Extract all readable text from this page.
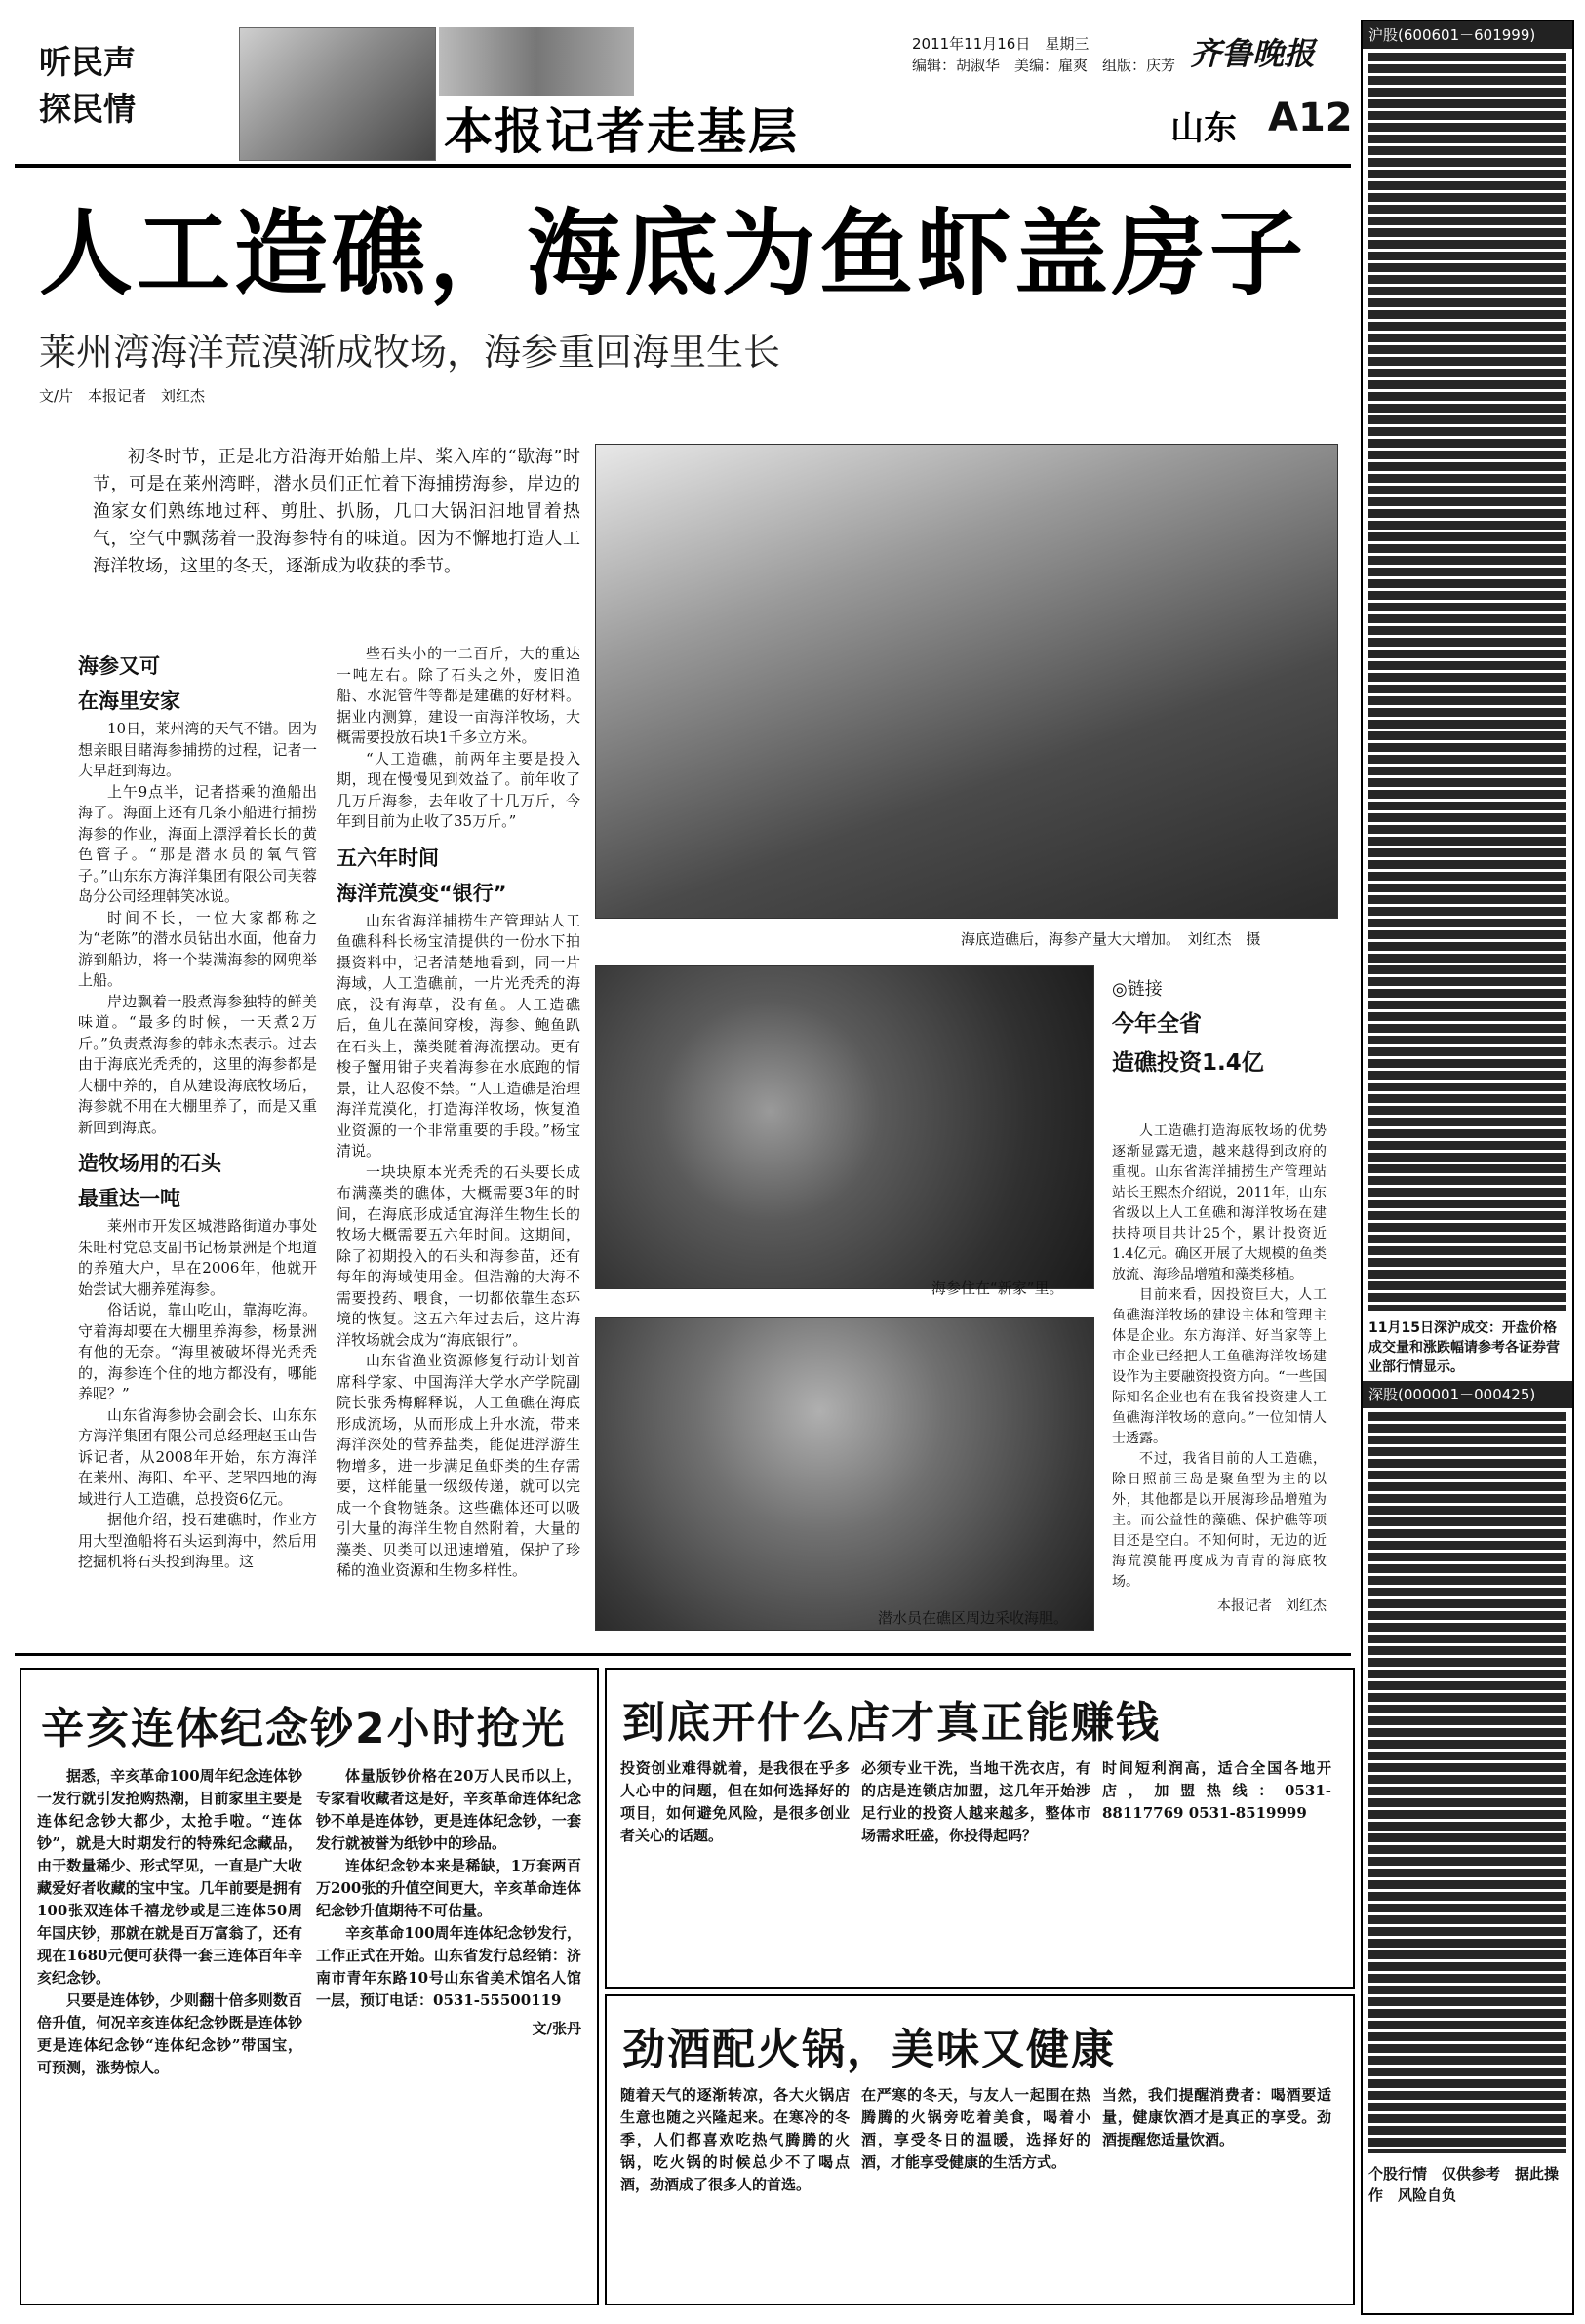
听民声
探民情	本报记者走基层
2011年11月16日　星期三
编辑：胡淑华　美编：雇爽　组版：庆芳 齐鲁晚报
山东 A12
人工造礁，海底为鱼虾盖房子
莱州湾海洋荒漠渐成牧场，海参重回海里生长
文/片　本报记者　刘红杰
初冬时节，正是北方沿海开始船上岸、桨入库的“歇海”时节，可是在莱州湾畔，潜水员们正忙着下海捕捞海参，岸边的渔家女们熟练地过秤、剪肚、扒肠，几口大锅汩汩地冒着热气，空气中飘荡着一股海参特有的味道。因为不懈地打造人工海洋牧场，这里的冬天，逐渐成为收获的季节。
海参又可
在海里安家

10日，莱州湾的天气不错。因为想亲眼目睹海参捕捞的过程，记者一大早赶到海边。

上午9点半，记者搭乘的渔船出海了。海面上还有几条小船进行捕捞海参的作业，海面上漂浮着长长的黄色管子。“那是潜水员的氧气管子。”山东东方海洋集团有限公司芙蓉岛分公司经理韩笑冰说。

时间不长，一位大家都称之为“老陈”的潜水员钻出水面，他奋力游到船边，将一个装满海参的网兜举上船。

岸边飘着一股煮海参独特的鲜美味道。“最多的时候，一天煮2万斤。”负责煮海参的韩永杰表示。过去由于海底光秃秃的，这里的海参都是大棚中养的，自从建设海底牧场后，海参就不用在大棚里养了，而是又重新回到海底。

造牧场用的石头
最重达一吨

莱州市开发区城港路街道办事处朱旺村党总支副书记杨景洲是个地道的养殖大户，早在2006年，他就开始尝试大棚养殖海参。

俗话说，靠山吃山，靠海吃海。守着海却要在大棚里养海参，杨景洲有他的无奈。“海里被破坏得光秃秃的，海参连个住的地方都没有，哪能养呢？”

山东省海参协会副会长、山东东方海洋集团有限公司总经理赵玉山告诉记者，从2008年开始，东方海洋在莱州、海阳、牟平、芝罘四地的海域进行人工造礁，总投资6亿元。

据他介绍，投石建礁时，作业方用大型渔船将石头运到海中，然后用挖掘机将石头投到海里。这

些石头小的一二百斤，大的重达一吨左右。除了石头之外，废旧渔船、水泥管件等都是建礁的好材料。据业内测算，建设一亩海洋牧场，大概需要投放石块1千多立方米。

“人工造礁，前两年主要是投入期，现在慢慢见到效益了。前年收了几万斤海参，去年收了十几万斤，今年到目前为止收了35万斤。”

五六年时间
海洋荒漠变“银行”

山东省海洋捕捞生产管理站人工鱼礁科科长杨宝清提供的一份水下拍摄资料中，记者清楚地看到，同一片海域，人工造礁前，一片光秃秃的海底，没有海草，没有鱼。人工造礁后，鱼儿在藻间穿梭，海参、鲍鱼趴在石头上，藻类随着海流摆动。更有梭子蟹用钳子夹着海参在水底跑的情景，让人忍俊不禁。“人工造礁是治理海洋荒漠化，打造海洋牧场，恢复渔业资源的一个非常重要的手段。”杨宝清说。

一块块原本光秃秃的石头要长成布满藻类的礁体，大概需要3年的时间，在海底形成适宜海洋生物生长的牧场大概需要五六年时间。这期间，除了初期投入的石头和海参苗，还有每年的海域使用金。但浩瀚的大海不需要投药、喂食，一切都依靠生态环境的恢复。这五六年过去后，这片海洋牧场就会成为“海底银行”。

山东省渔业资源修复行动计划首席科学家、中国海洋大学水产学院副院长张秀梅解释说，人工鱼礁在海底形成流场，从而形成上升水流，带来海洋深处的营养盐类，能促进浮游生物增多，进一步满足鱼虾类的生存需要，这样能量一级级传递，就可以完成一个食物链条。这些礁体还可以吸引大量的海洋生物自然附着，大量的藻类、贝类可以迅速增殖，保护了珍稀的渔业资源和生物多样性。

海底造礁后，海参产量大大增加。　刘红杰　摄
海参住在“新家”里。
潜水员在礁区周边采收海胆。
◎链接
今年全省
造礁投资1.4亿

人工造礁打造海底牧场的优势逐渐显露无遗，越来越得到政府的重视。山东省海洋捕捞生产管理站站长王熙杰介绍说，2011年，山东省级以上人工鱼礁和海洋牧场在建扶持项目共计25个，累计投资近1.4亿元。确区开展了大规模的鱼类放流、海珍品增殖和藻类移植。

目前来看，因投资巨大，人工鱼礁海洋牧场的建设主体和管理主体是企业。东方海洋、好当家等上市企业已经把人工鱼礁海洋牧场建设作为主要融资投资方向。“一些国际知名企业也有在我省投资建人工鱼礁海洋牧场的意向。”一位知情人士透露。

不过，我省目前的人工造礁，除日照前三岛是聚鱼型为主的以外，其他都是以开展海珍品增殖为主。而公益性的藻礁、保护礁等项目还是空白。不知何时，无边的近海荒漠能再度成为青青的海底牧场。

本报记者　刘红杰
辛亥连体纪念钞2小时抢光

据悉，辛亥革命100周年纪念连体钞一发行就引发抢购热潮，目前家里主要是连体纪念钞大都少，太抢手啦。“连体钞”，就是大时期发行的特殊纪念藏品，由于数量稀少、形式罕见，一直是广大收藏爱好者收藏的宝中宝。几年前要是拥有100张双连体千禧龙钞或是三连体50周年国庆钞，那就在就是百万富翁了，还有现在1680元便可获得一套三连体百年辛亥纪念钞。

只要是连体钞，少则翻十倍多则数百倍升值，何况辛亥连体纪念钞既是连体钞更是连体纪念钞“连体纪念钞”带国宝，可预测，涨势惊人。

体量版钞价格在20万人民币以上，专家看收藏者这是好，辛亥革命连体纪念钞不单是连体钞，更是连体纪念钞，一套发行就被誉为纸钞中的珍品。

连体纪念钞本来是稀缺，1万套两百万200张的升值空间更大，辛亥革命连体纪念钞升值期待不可估量。

辛亥革命100周年连体纪念钞发行，工作正式在开始。山东省发行总经销：济南市青年东路10号山东省美术馆名人馆一层，预订电话：0531-55500119

文/张丹
到底开什么店才真正能赚钱
投资创业难得就着，是我很在乎多人心中的问题，但在如何选择好的项目，如何避免风险，是很多创业者关心的话题。
必须专业干洗，当地干洗衣店，有的店是连锁店加盟，这几年开始涉足行业的投资人越来越多，整体市场需求旺盛，你投得起吗？
时间短利润高，适合全国各地开店，加盟热线：0531-88117769 0531-8519999
劲酒配火锅，美味又健康
随着天气的逐渐转凉，各大火锅店生意也随之兴隆起来。在寒冷的冬季，人们都喜欢吃热气腾腾的火锅，吃火锅的时候总少不了喝点酒，劲酒成了很多人的首选。
在严寒的冬天，与友人一起围在热腾腾的火锅旁吃着美食，喝着小酒，享受冬日的温暖，选择好的酒，才能享受健康的生活方式。
当然，我们提醒消费者：喝酒要适量，健康饮酒才是真正的享受。劲酒提醒您适量饮酒。
沪股(600601－601999)
11月15日深沪成交：开盘价格成交量和涨跌幅请参考各证券营业部行情显示。
深股(000001－000425)
个股行情　仅供参考　据此操作　风险自负
